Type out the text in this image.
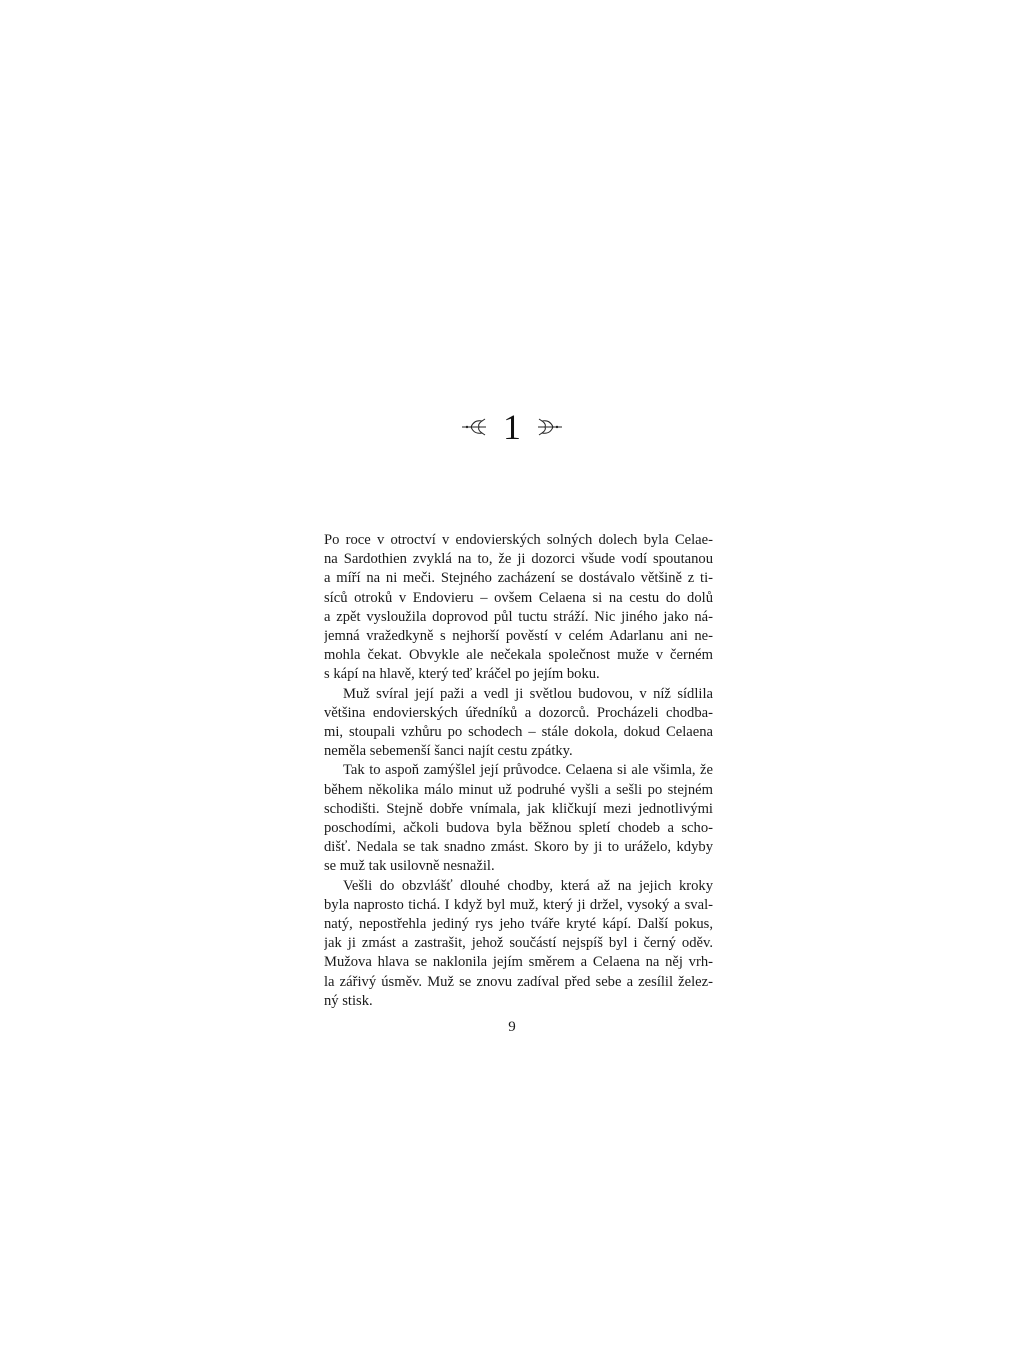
1
Po roce v otroctví v endovierských solných dolech byla Celae-
na Sardothien zvyklá na to, že ji dozorci všude vodí spoutanou
a míří na ni meči. Stejného zacházení se dostávalo většině z ti-
síců otroků v Endovieru – ovšem Celaena si na cestu do dolů
a zpět vysloužila doprovod půl tuctu stráží. Nic jiného jako ná-
jemná vražedkyně s nejhorší pověstí v celém Adarlanu ani ne-
mohla čekat. Obvykle ale nečekala společnost muže v černém
s kápí na hlavě, který teď kráčel po jejím boku.
Muž svíral její paži a vedl ji světlou budovou, v níž sídlila
většina endovierských úředníků a dozorců. Procházeli chodba-
mi, stoupali vzhůru po schodech – stále dokola, dokud Celaena
neměla sebemenší šanci najít cestu zpátky.
Tak to aspoň zamýšlel její průvodce. Celaena si ale všimla, že
během několika málo minut už podruhé vyšli a sešli po stejném
schodišti. Stejně dobře vnímala, jak kličkují mezi jednotlivými
poschodími, ačkoli budova byla běžnou spletí chodeb a scho-
dišť. Nedala se tak snadno zmást. Skoro by ji to uráželo, kdyby
se muž tak usilovně nesnažil.
Vešli do obzvlášť dlouhé chodby, která až na jejich kroky
byla naprosto tichá. I když byl muž, který ji držel, vysoký a sval-
natý, nepostřehla jediný rys jeho tváře kryté kápí. Další pokus,
jak ji zmást a zastrašit, jehož součástí nejspíš byl i černý oděv.
Mužova hlava se naklonila jejím směrem a Celaena na něj vrh-
la zářivý úsměv. Muž se znovu zadíval před sebe a zesílil želez-
ný stisk.
9
